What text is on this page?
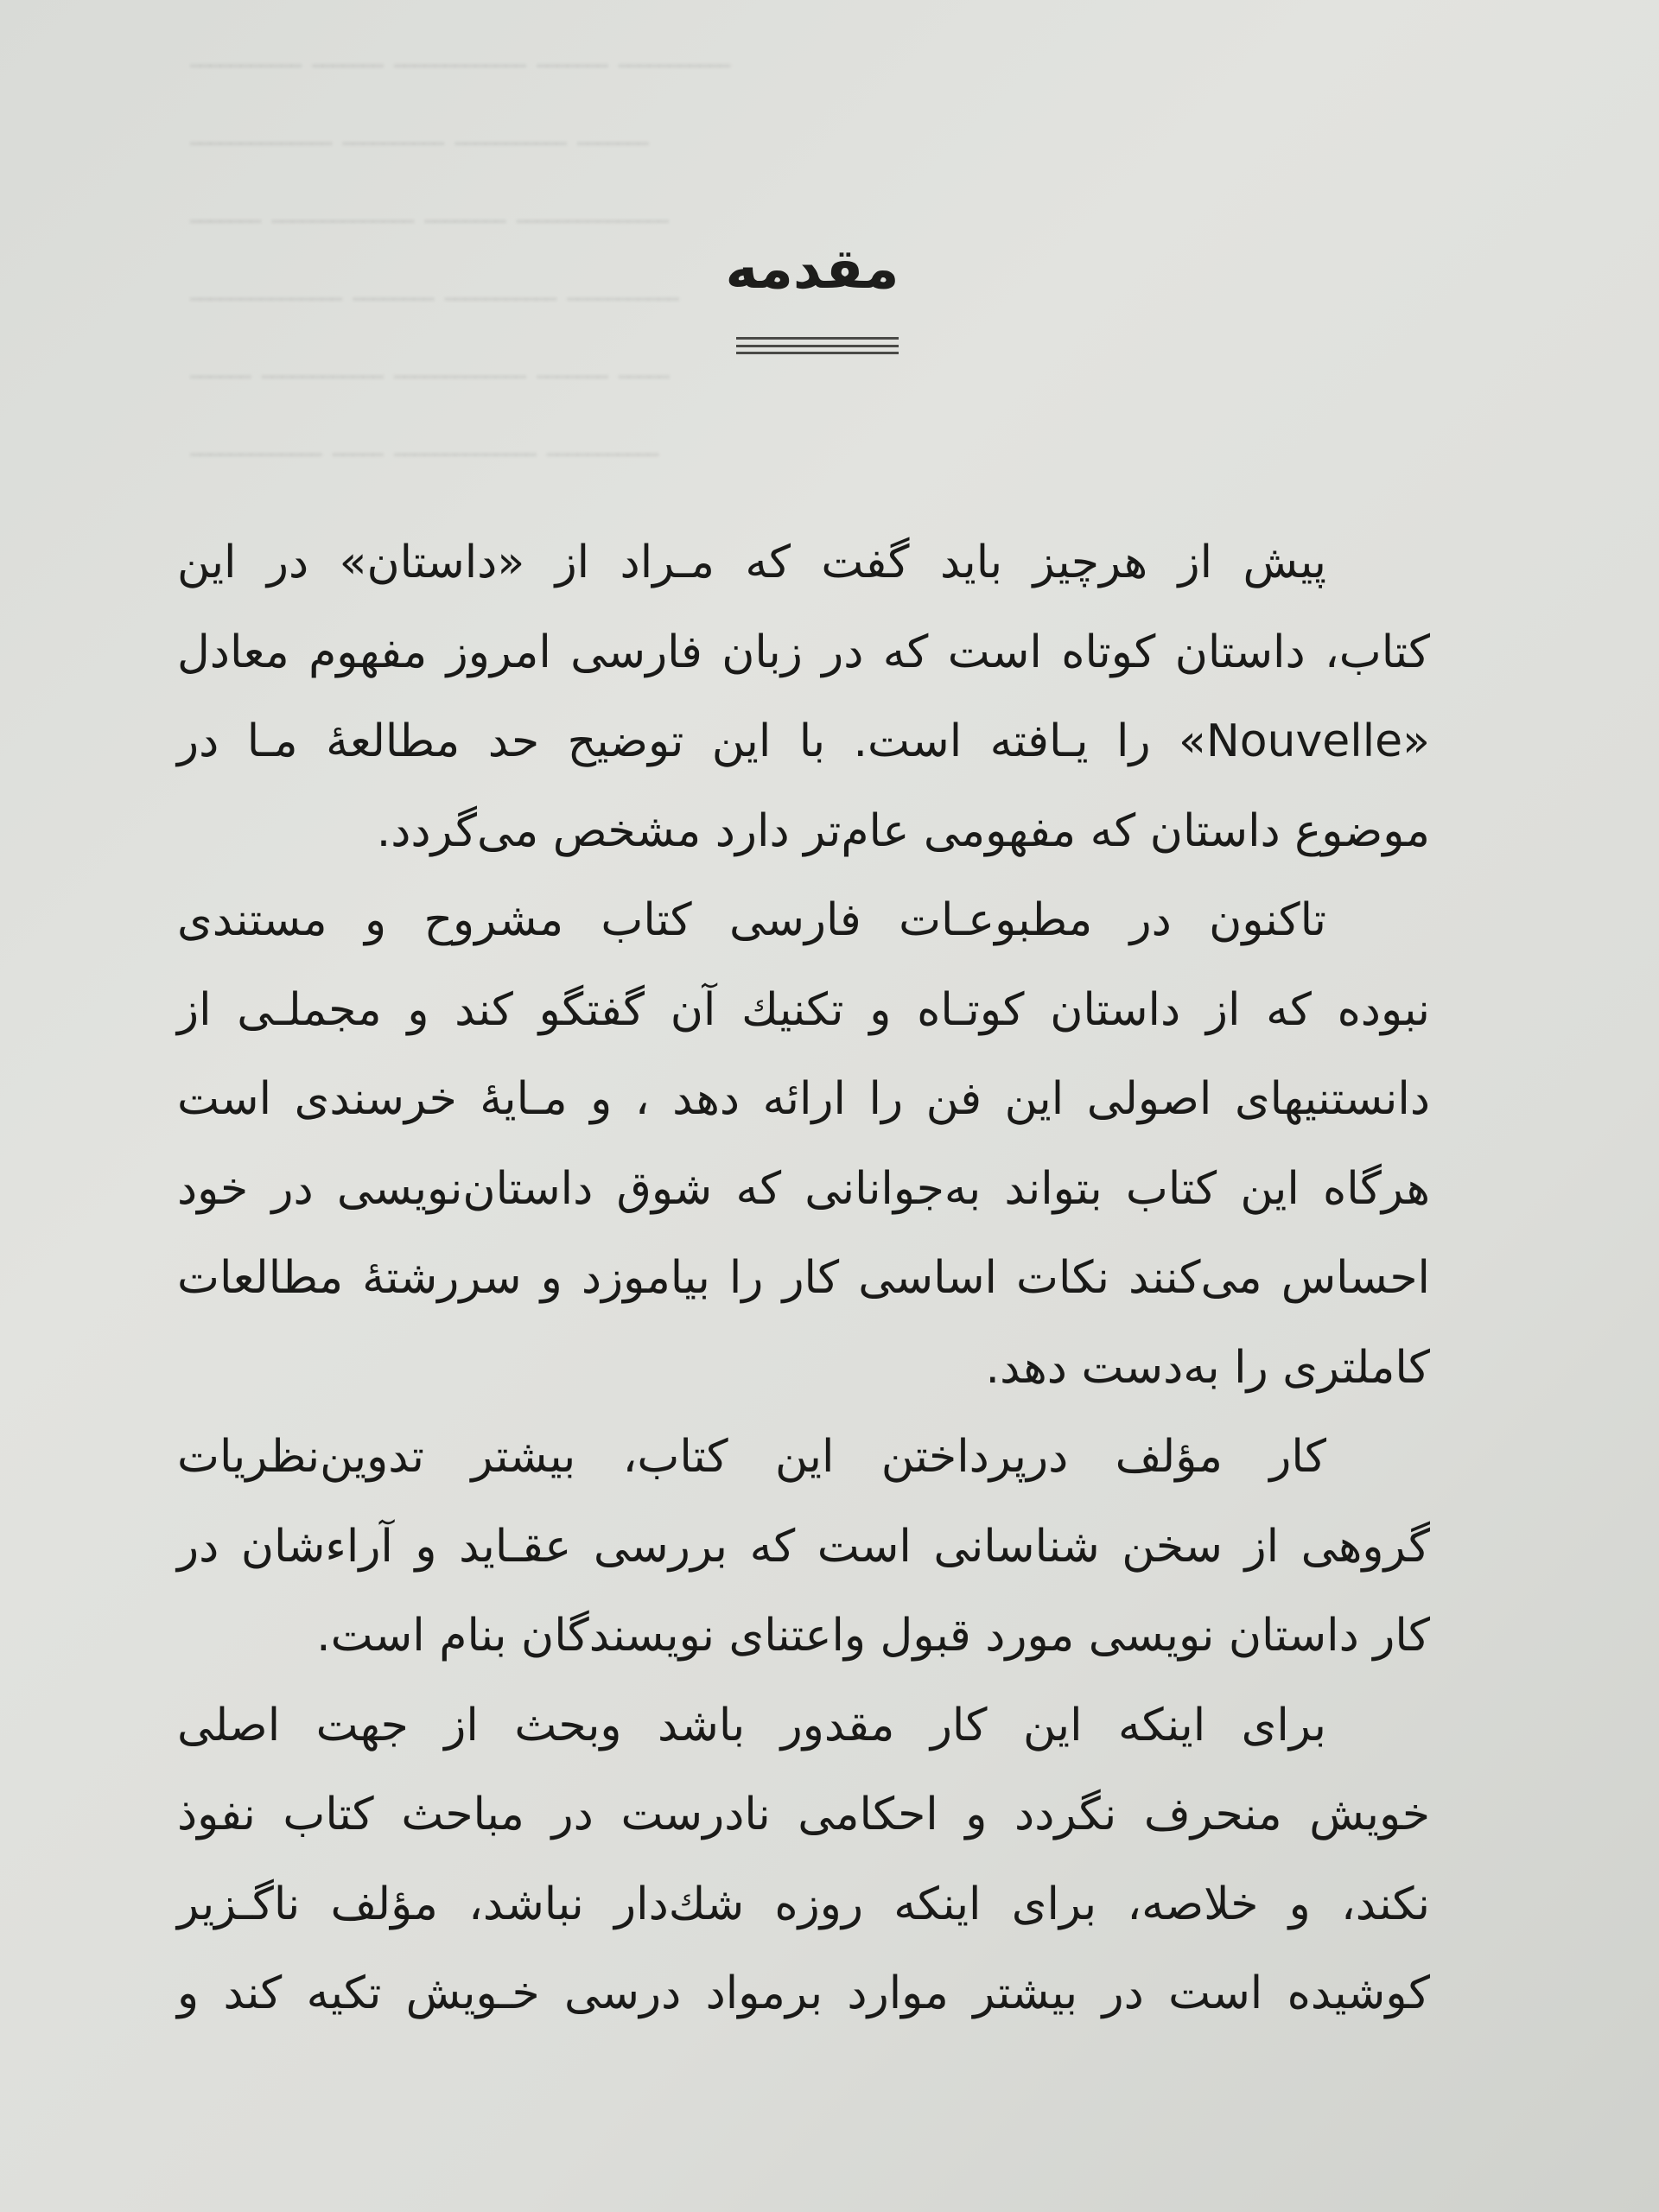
ـــــــــــ ـــــــ ـــــــــــــ ـــــــ ـــــــــــ
ــــــــــــــ ــــــــــ ـــــــــــ ـــــــ
ـــــــ ــــــــــــــ ــــــــ ـــــــــــــــ
ـــــــــــــــ ــــــــ ـــــــــــ ـــــــــــ
ــــــ ــــــــــــ ـــــــــــــ ـــــــ ـــــ
ـــــــــــــ ـــــ ــــــــــــــ ـــــــــــ
مقدمه
پیش از هرچیز باید گفت که مـراد از «داستان» در این
کتاب، داستان کوتاه است که در زبان فارسی امروز مفهوم معادل
«Nouvelle» را یـافته است. با این توضیح حد مطالعهٔ مـا در
موضوع داستان که مفهومی عام‌تر دارد مشخص می‌گردد.
تاکنون در مطبوعـات فارسی کتاب مشروح و مستندی
نبوده که از داستان کوتـاه و تکنیك آن گفتگو کند و مجملـی از
دانستنیهای اصولی این فن را ارائه دهد ، و مـایهٔ خرسندی است
هرگاه این کتاب بتواند به‌جوانانی که شوق داستان‌نویسی در خود
احساس می‌کنند نکات اساسی کار را بیاموزد و سررشتهٔ مطالعات
کاملتری را به‌دست دهد.
کار مؤلف درپرداختن این کتاب، بیشتر تدوین‌نظریات
گروهی از سخن شناسانی است که بررسی عقـاید و آراءشان در
کار داستان نویسی مورد قبول واعتنای نویسندگان بنام است.
برای اینکه این کار مقدور باشد وبحث از جهت اصلی
خویش منحرف نگردد و احکامی نادرست در مباحث کتاب نفوذ
نکند، و خلاصه، برای اینکه روزه شك‌دار نباشد، مؤلف ناگـزیر
کوشیده است در بیشتر موارد برمواد درسی خـویش تکیه کند و
